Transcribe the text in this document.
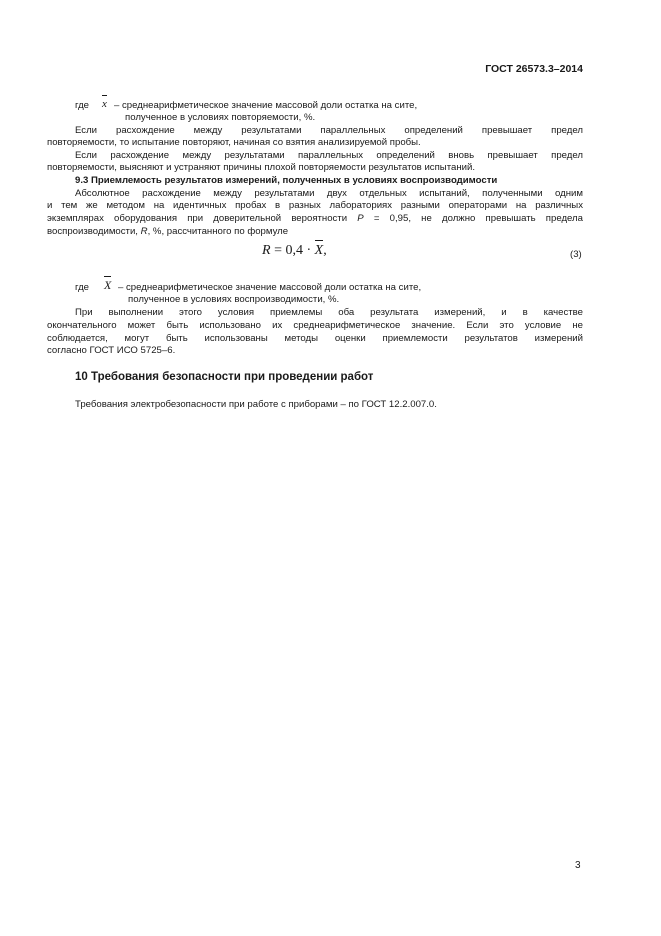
ГОСТ 26573.3–2014
где x – среднеарифметическое значение массовой доли остатка на сите,
полученное в условиях повторяемости, %.
Если расхождение между результатами параллельных определений превышает предел
повторяемости, то испытание повторяют, начиная со взятия анализируемой пробы.
Если расхождение между результатами параллельных определений вновь превышает предел
повторяемости, выясняют и устраняют причины плохой повторяемости результатов испытаний.
9.3 Приемлемость результатов измерений, полученных в условиях воспроизводимости
Абсолютное расхождение между результатами двух отдельных испытаний, полученными одним
и тем же методом на идентичных пробах в разных лабораториях разными операторами на различных
экземплярах оборудования при доверительной вероятности P = 0,95, не должно превышать предела
воспроизводимости, R, %, рассчитанного по формуле
R = 0,4 · X,	(3)
где X – среднеарифметическое значение массовой доли остатка на сите,
полученное в условиях воспроизводимости, %.
При выполнении этого условия приемлемы оба результата измерений, и в качестве
окончательного может быть использовано их среднеарифметическое значение. Если это условие не
соблюдается, могут быть использованы методы оценки приемлемости результатов измерений
согласно ГОСТ ИСО 5725–6.
10 Требования безопасности при проведении работ
Требования электробезопасности при работе с приборами – по ГОСТ 12.2.007.0.
3
